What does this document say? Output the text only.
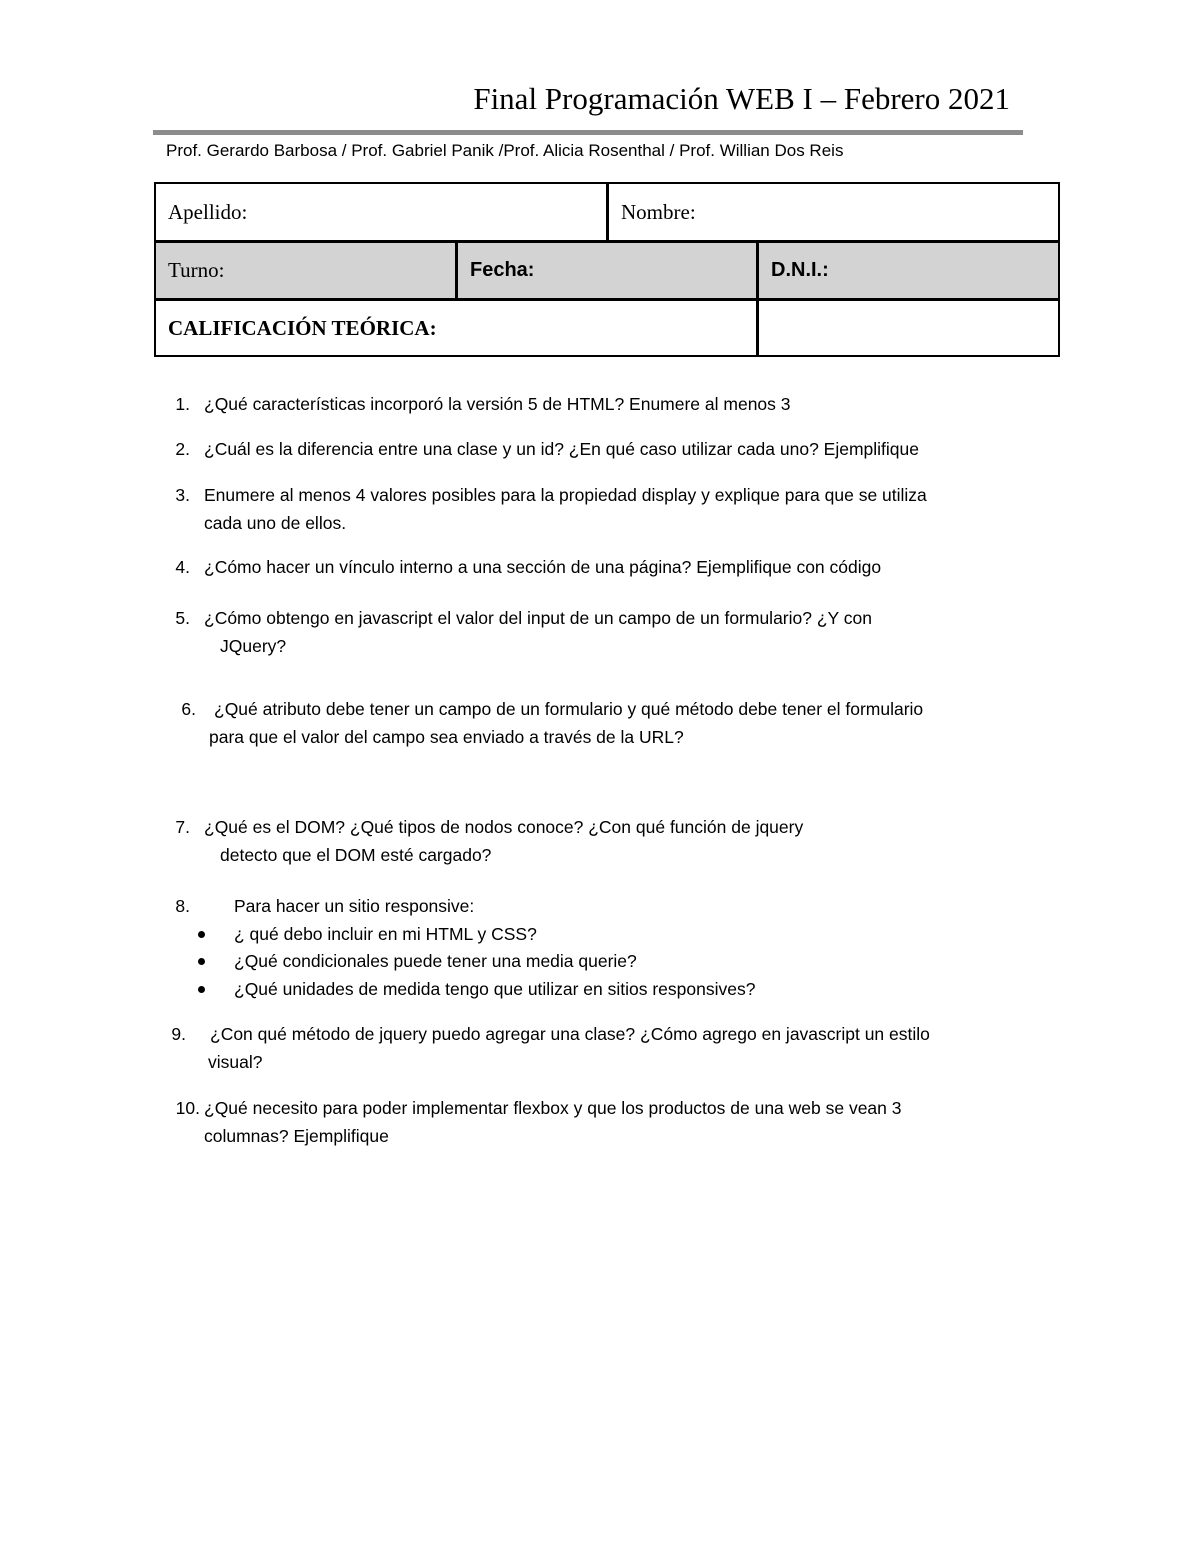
Final Programación WEB I – Febrero 2021
Prof. Gerardo Barbosa / Prof. Gabriel Panik /Prof. Alicia Rosenthal / Prof. Willian Dos Reis
Apellido:	Nombre:
Turno:	Fecha:	D.N.I.:
CALIFICACIÓN TEÓRICA:
1. ¿Qué características incorporó la versión 5 de HTML? Enumere al menos 3
2. ¿Cuál es la diferencia entre una clase y un id? ¿En qué caso utilizar cada uno? Ejemplifique
3. Enumere al menos 4 valores posibles para la propiedad display y explique para que se utiliza
cada uno de ellos.
4. ¿Cómo hacer un vínculo interno a una sección de una página? Ejemplifique con código
5. ¿Cómo obtengo en javascript el valor del input de un campo de un formulario? ¿Y con
JQuery?
6. ¿Qué atributo debe tener un campo de un formulario y qué método debe tener el formulario
para que el valor del campo sea enviado a través de la URL?
7. ¿Qué es el DOM? ¿Qué tipos de nodos conoce? ¿Con qué función de jquery
detecto que el DOM esté cargado?
8.	Para hacer un sitio responsive:
¿ qué debo incluir en mi HTML y CSS?
¿Qué condicionales puede tener una media querie?
¿Qué unidades de medida tengo que utilizar en sitios responsives?
9. ¿Con qué método de jquery puedo agregar una clase? ¿Cómo agrego en javascript un estilo
visual?
10. ¿Qué necesito para poder implementar flexbox y que los productos de una web se vean 3
columnas? Ejemplifique
